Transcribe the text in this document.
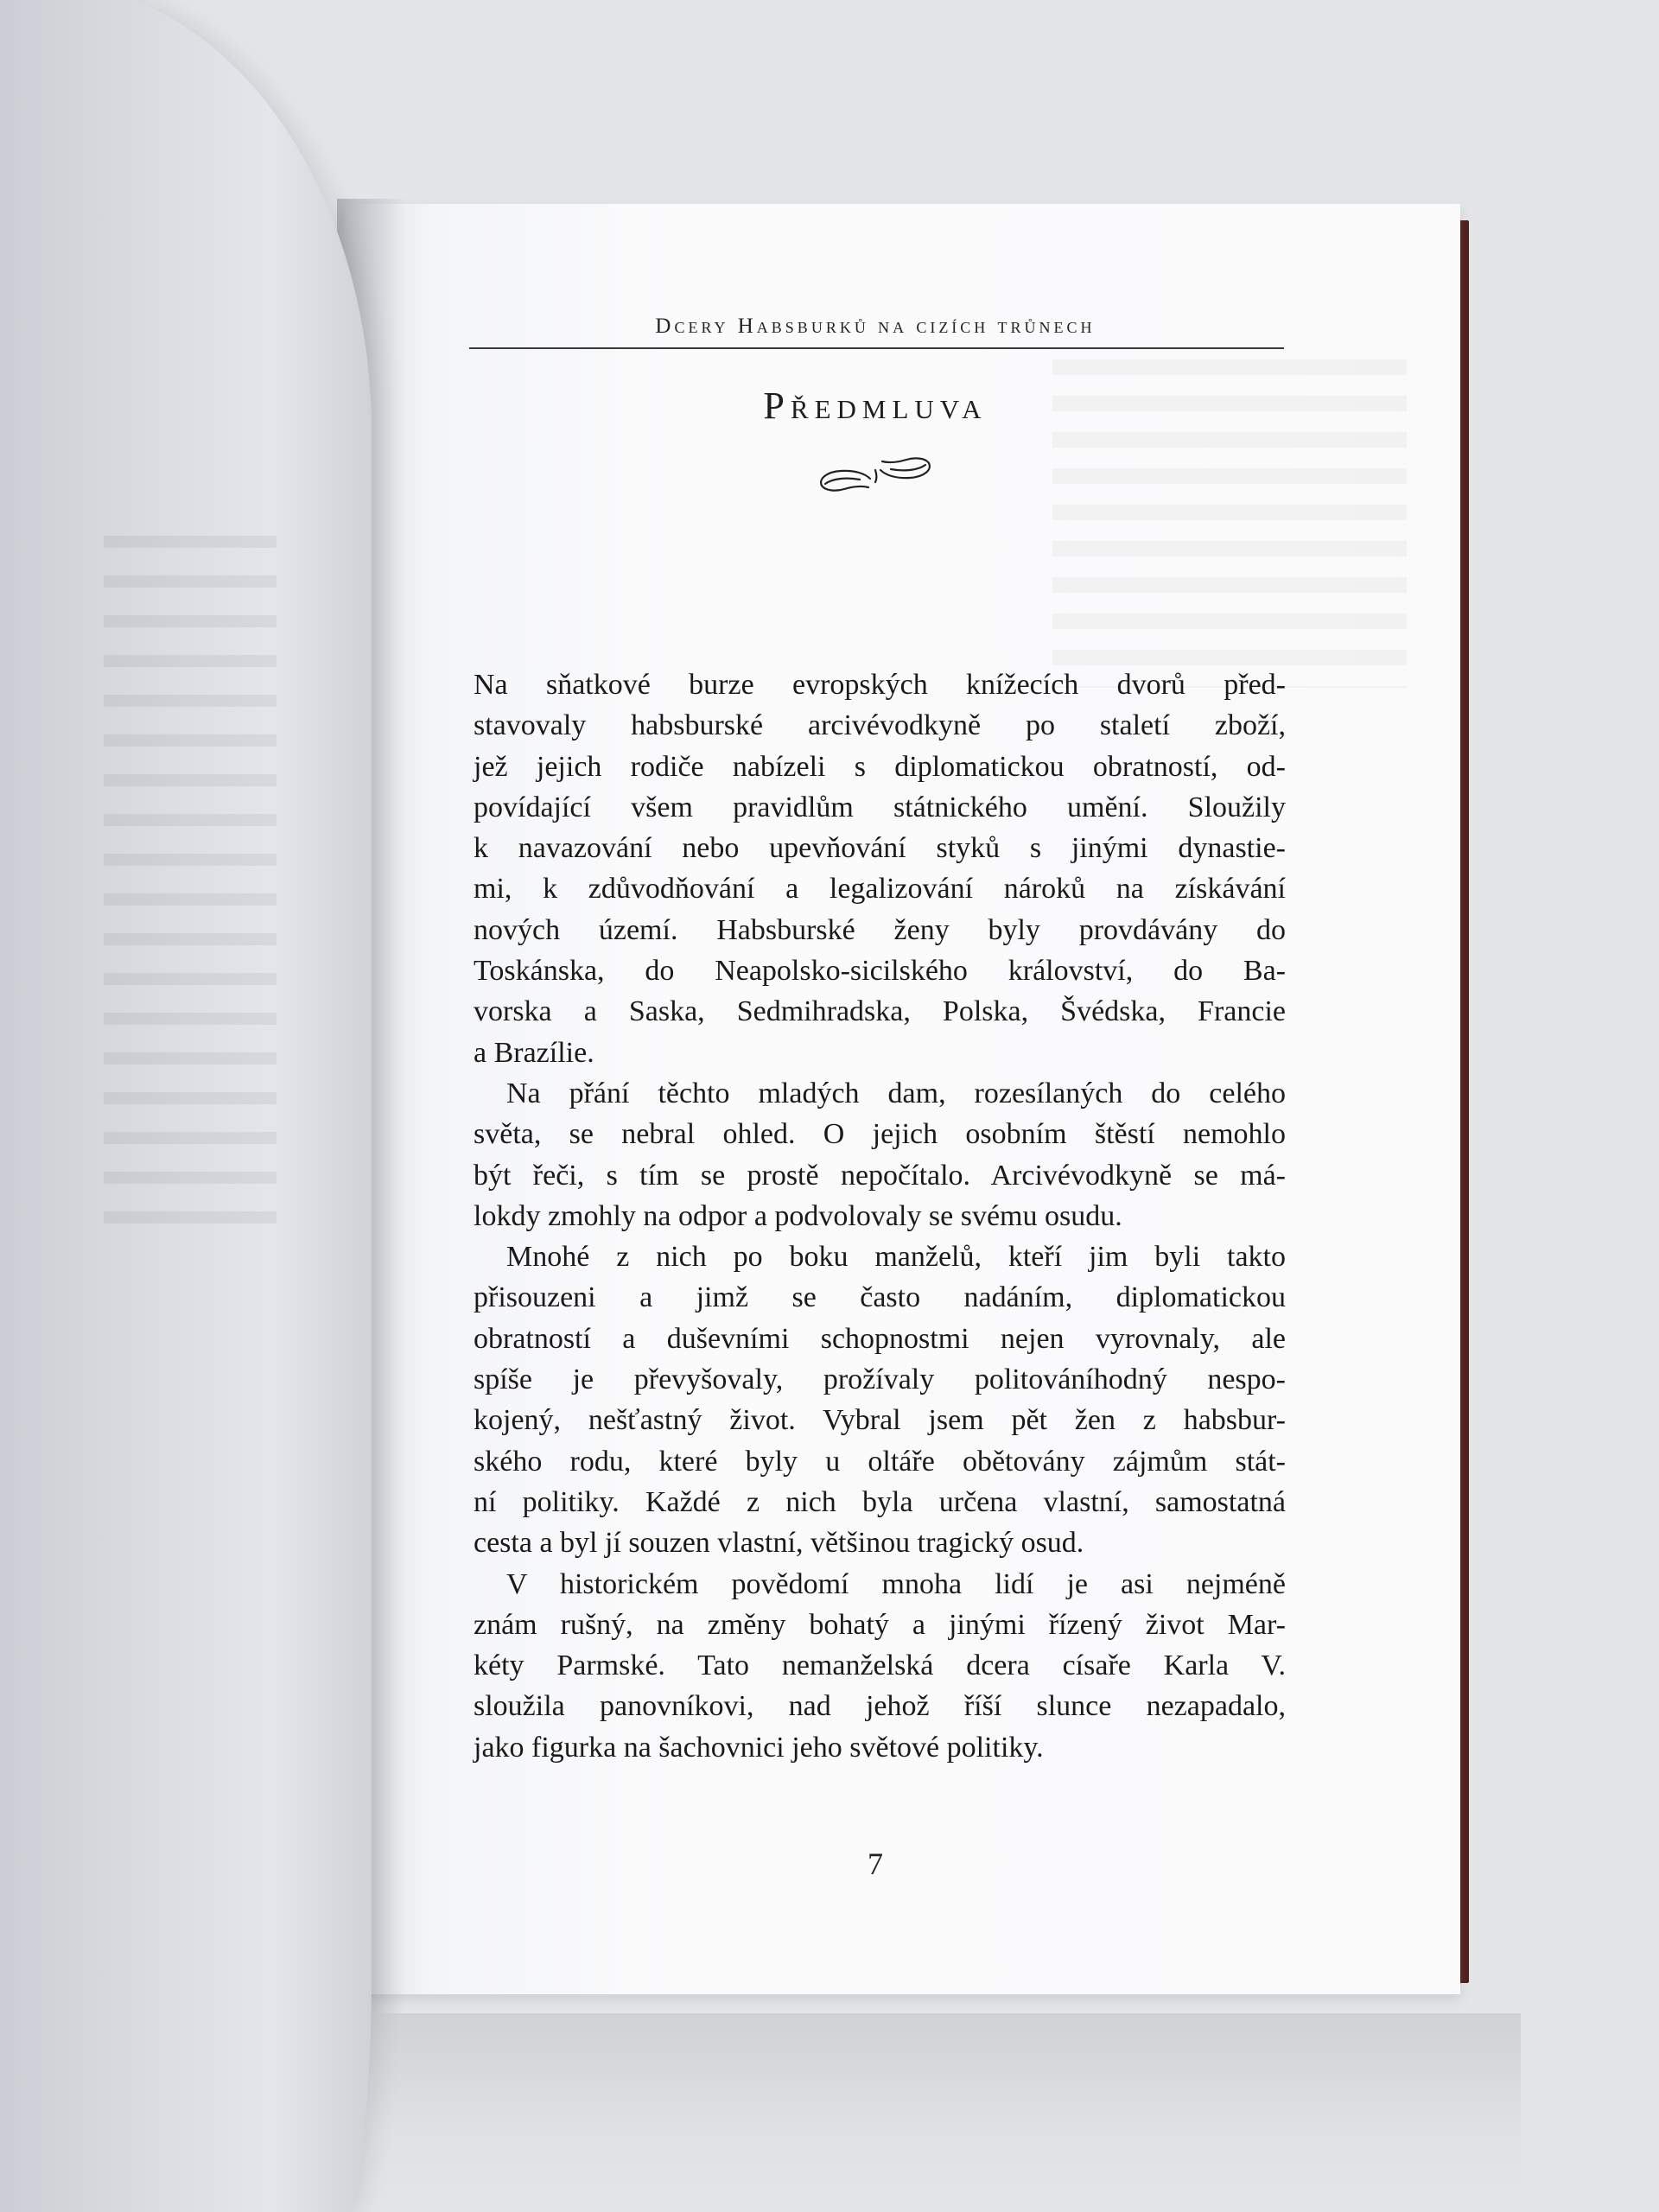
Dcery Habsburků na cizích trůnech
Předmluva
Na sňatkové burze evropských knížecích dvorů před-
stavovaly habsburské arcivévodkyně po staletí zboží,
jež jejich rodiče nabízeli s diplomatickou obratností, od-
povídající všem pravidlům státnického umění. Sloužily
k navazování nebo upevňování styků s jinými dynastie-
mi, k zdůvodňování a legalizování nároků na získávání
nových území. Habsburské ženy byly provdávány do
Toskánska, do Neapolsko-sicilského království, do Ba-
vorska a Saska, Sedmihradska, Polska, Švédska, Francie
a Brazílie.
Na přání těchto mladých dam, rozesílaných do celého
světa, se nebral ohled. O jejich osobním štěstí nemohlo
být řeči, s tím se prostě nepočítalo. Arcivévodkyně se má-
lokdy zmohly na odpor a podvolovaly se svému osudu.
Mnohé z nich po boku manželů, kteří jim byli takto
přisouzeni a jimž se často nadáním, diplomatickou
obratností a duševními schopnostmi nejen vyrovnaly, ale
spíše je převyšovaly, prožívaly politováníhodný nespo-
kojený, nešťastný život. Vybral jsem pět žen z habsbur-
ského rodu, které byly u oltáře obětovány zájmům stát-
ní politiky. Každé z nich byla určena vlastní, samostatná
cesta a byl jí souzen vlastní, většinou tragický osud.
V historickém povědomí mnoha lidí je asi nejméně
znám rušný, na změny bohatý a jinými řízený život Mar-
kéty Parmské. Tato nemanželská dcera císaře Karla V.
sloužila panovníkovi, nad jehož říší slunce nezapadalo,
jako figurka na šachovnici jeho světové politiky.
7
